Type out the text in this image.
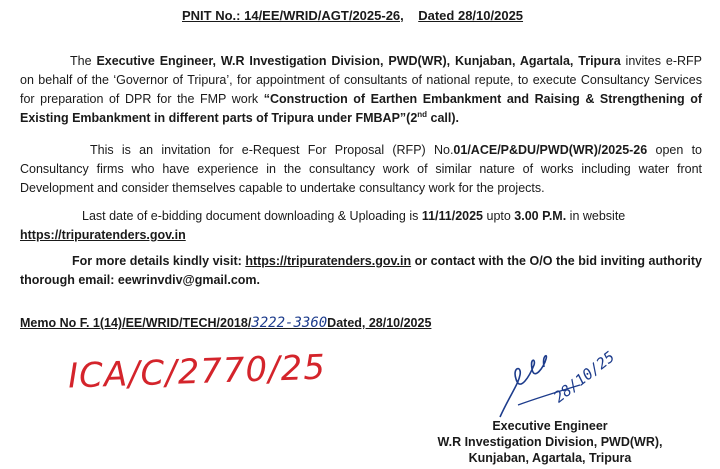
PNIT No.: 14/EE/WRID/AGT/2025-26, Dated 28/10/2025
The Executive Engineer, W.R Investigation Division, PWD(WR), Kunjaban, Agartala, Tripura invites e-RFP on behalf of the ‘Governor of Tripura’, for appointment of consultants of national repute, to execute Consultancy Services for preparation of DPR for the FMP work “Construction of Earthen Embankment and Raising & Strengthening of Existing Embankment in different parts of Tripura under FMBAP”(2nd call).
This is an invitation for e-Request For Proposal (RFP) No.01/ACE/P&DU/PWD(WR)/2025-26 open to Consultancy firms who have experience in the consultancy work of similar nature of works including water front Development and consider themselves capable to undertake consultancy work for the projects.
Last date of e-bidding document downloading & Uploading is 11/11/2025 upto 3.00 P.M. in website
https://tripuratenders.gov.in
For more details kindly visit: https://tripuratenders.gov.in or contact with the O/O the bid inviting authority thorough email: eewrinvdiv@gmail.com.
Memo No F. 1(14)/EE/WRID/TECH/2018/3222-3360Dated, 28/10/2025
ICA/C/2770/25	28/10/25
Executive Engineer
W.R Investigation Division, PWD(WR),
Kunjaban, Agartala, Tripura
